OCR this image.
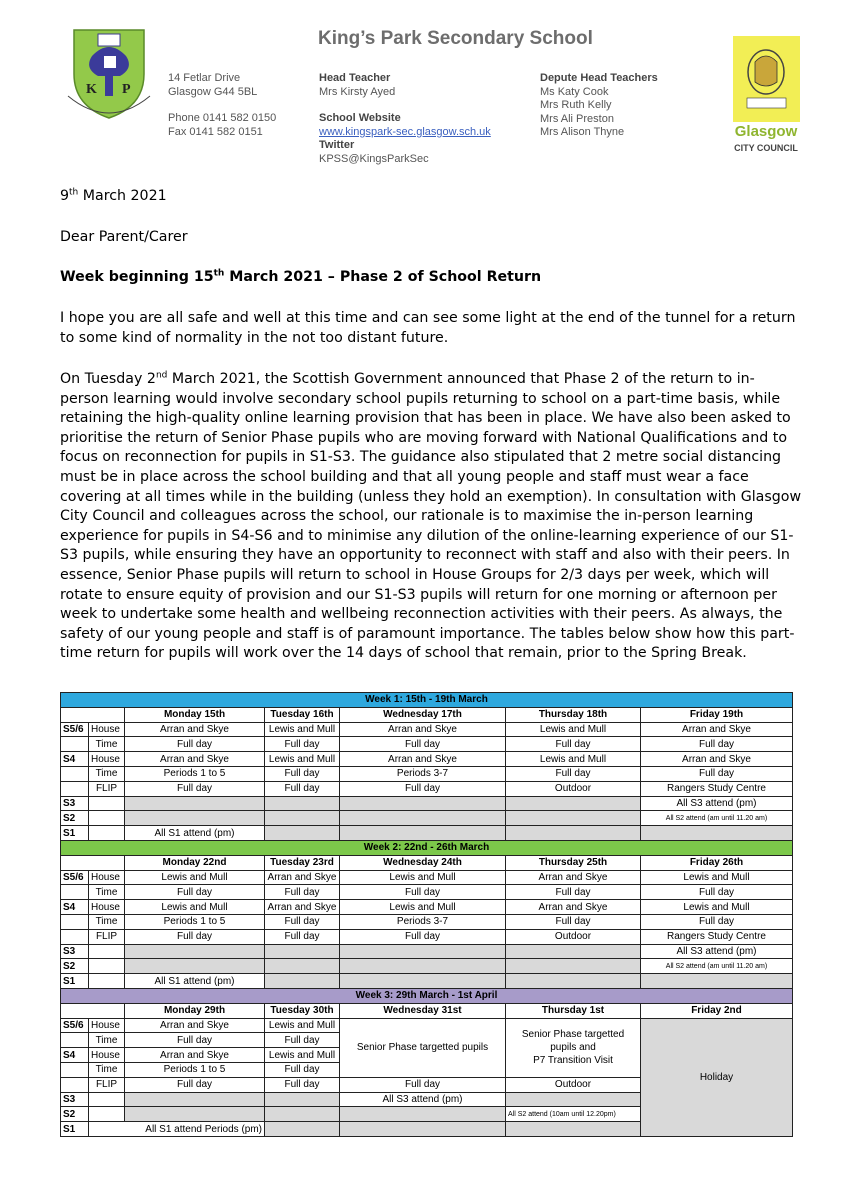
K P
King’s Park Secondary School
14 Fetlar Drive
Glasgow G44 5BL
Phone 0141 582 0150
Fax 0141 582 0151
Head Teacher
Mrs Kirsty Ayed
School Website
www.kingspark-sec.glasgow.sch.uk
Twitter
KPSS@KingsParkSec
Depute Head Teachers
Ms Katy Cook
Mrs Ruth Kelly
Mrs Ali Preston
Mrs Alison Thyne	Glasgow
CITY COUNCIL
9th March 2021
Dear Parent/Carer
Week beginning 15th March 2021 – Phase 2 of School Return

I hope you are all safe and well at this time and can see some light at the end of the tunnel for a return to some kind of normality in the not too distant future.

On Tuesday 2nd March 2021, the Scottish Government announced that Phase 2 of the return to in-person learning would involve secondary school pupils returning to school on a part-time basis, while retaining the high-quality online learning provision that has been in place. We have also been asked to prioritise the return of Senior Phase pupils who are moving forward with National Qualifications and to focus on reconnection for pupils in S1-S3. The guidance also stipulated that 2 metre social distancing must be in place across the school building and that all young people and staff must wear a face covering at all times while in the building (unless they hold an exemption). In consultation with Glasgow City Council and colleagues across the school, our rationale is to maximise the in-person learning experience for pupils in S4-S6 and to minimise any dilution of the online-learning experience of our S1-S3 pupils, while ensuring they have an opportunity to reconnect with staff and also with their peers. In essence, Senior Phase pupils will return to school in House Groups for 2/3 days per week, which will rotate to ensure equity of provision and our S1-S3 pupils will return for one morning or afternoon per week to undertake some health and wellbeing reconnection activities with their peers. As always, the safety of our young people and staff is of paramount importance. The tables below show how this part-time return for pupils will work over the 14 days of school that remain, prior to the Spring Break.

Week 1: 15th - 19th March						
		Monday 15th	Tuesday 16th	Wednesday 17th	Thursday 18th	Friday 19th
S5/6	House	Arran and Skye	Lewis and Mull	Arran and Skye	Lewis and Mull	Arran and Skye
	Time	Full day	Full day	Full day	Full day	Full day
S4	House	Arran and Skye	Lewis and Mull	Arran and Skye	Lewis and Mull	Arran and Skye
	Time	Periods 1 to 5	Full day	Periods 3-7	Full day	Full day
	FLIP	Full day	Full day	Full day	Outdoor	Rangers Study Centre
S3						All S3 attend (pm)
S2						All S2 attend (am until 11.20 am)
S1		All S1 attend (pm)				
Week 2: 22nd - 26th March						
		Monday 22nd	Tuesday 23rd	Wednesday 24th	Thursday 25th	Friday 26th
S5/6	House	Lewis and Mull	Arran and Skye	Lewis and Mull	Arran and Skye	Lewis and Mull
	Time	Full day	Full day	Full day	Full day	Full day
S4	House	Lewis and Mull	Arran and Skye	Lewis and Mull	Arran and Skye	Lewis and Mull
	Time	Periods 1 to 5	Full day	Periods 3-7	Full day	Full day
	FLIP	Full day	Full day	Full day	Outdoor	Rangers Study Centre
S3						All S3 attend (pm)
S2						All S2 attend (am until 11.20 am)
S1		All S1 attend (pm)				
Week 3: 29th March - 1st April						
		Monday 29th	Tuesday 30th	Wednesday 31st	Thursday 1st	Friday 2nd
S5/6	House	Arran and Skye	Lewis and Mull	Senior Phase targetted pupils	Senior Phase targetted
pupils and
P7 Transition Visit	Holiday
	Time	Full day	Full day			
S4	House	Arran and Skye	Lewis and Mull			
	Time	Periods 1 to 5	Full day			
	FLIP	Full day	Full day	Full day	Outdoor	
S3				All S3 attend (pm)		
S2					All S2 attend (10am until 12.20pm)	
S1	All S1 attend Periods (pm)					
